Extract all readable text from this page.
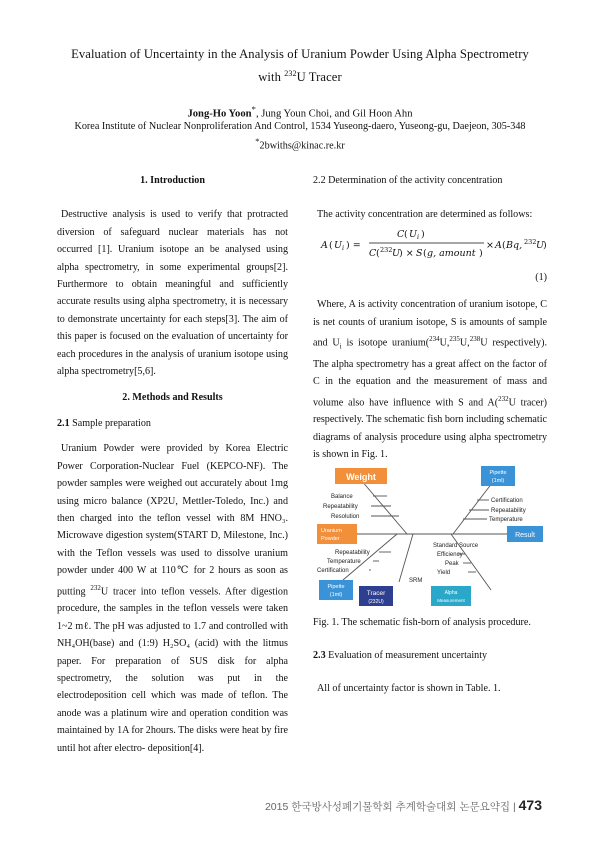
Evaluation of Uncertainty in the Analysis of Uranium Powder Using Alpha Spectrometry
with $^{232}$U Tracer
Jong-Ho Yoon*, Jung Youn Choi, and Gil Hoon Ahn
Korea Institute of Nuclear Nonproliferation And Control, 1534 Yuseong-daero, Yuseong-gu, Daejeon, 305-348
*2bwiths@kinac.re.kr
1. Introduction

Destructive analysis is used to verify that protracted diversion of safeguard nuclear materials has not occurred [1]. Uranium isotope an be analysed using alpha spectrometry, in some experimental groups[2]. Furthermore to obtain meaningful and sufficiently accurate results using alpha spectrometry, it is necessary to demonstrate uncertainty for each steps[3]. The aim of this paper is focused on the evaluation of uncertainty for each procedures in the analysis of uranium isotope using alpha spectrometry[5,6].

2. Methods and Results
2.1 Sample preparation

Uranium Powder were provided by Korea Electric Power Corporation-Nuclear Fuel (KEPCO-NF). The powder samples were weighed out accurately about 1mg using micro balance (XP2U, Mettler-Toledo, Inc.) and then charged into the teflon vessel with 8M HNO₃. Microwave digestion system(START D, Milestone, Inc.) with the Teflon vessels was used to dissolve uranium powder under 400 W at 110℃ for 2 hours as soon as putting $^{232}$U tracer into teflon vessels. After digestion procedure, the samples in the teflon vessels were taken 1~2 mℓ. The pH was adjusted to 1.7 and controlled with NH₄OH(base) and (1:9) H₂SO₄ (acid) with the litmus paper. For preparation of SUS disk for alpha spectrometry, the solution was put in the electrodeposition cell which was made of teflon. The anode was a platinum wire and operation condition was maintained by 1A for 2hours. The disks were heat by fire until hot after electro- deposition[4].

2.2 Determination of the activity concentration

The activity concentration are determined as follows:

A ( U i ) =
C ( U i )
C ( 232 U
) × S ( g, amount )
× A ( Bq, 232 U
)
(1)

Where, A is activity concentration of uranium isotope, C is net counts of uranium isotope, S is amounts of sample and $U_i$ is isotope uranium($^{234}$U,$^{235}$U,$^{238}$U respectively). The alpha spectrometry has a great affect on the factor of C in the equation and the measurement of mass and volume also have influence with S and A($^{232}$U tracer) respectively. The schematic fish born including schematic diagrams of analysis procedure using alpha spectrometry is shown in Fig. 1.

Weight	Pipette
(1ml)
Balance
Repeatability
Resolution
Certification
Repeatability
Temperature
Uranium
Powder	Result
Standard Source
Efficiency
Peak
Yield
Repeatability
Temperature
Certification
SRM
Pipette
(1ml)	Tracer
(232U)
Alpha
Measurement
Fig. 1. The schematic fish-born of analysis procedure.
2.3 Evaluation of measurement uncertainty

All of uncertainty factor is shown in Table. 1.

2015 한국방사성폐기물학회 추계학술대회 논문요약집 | 473
